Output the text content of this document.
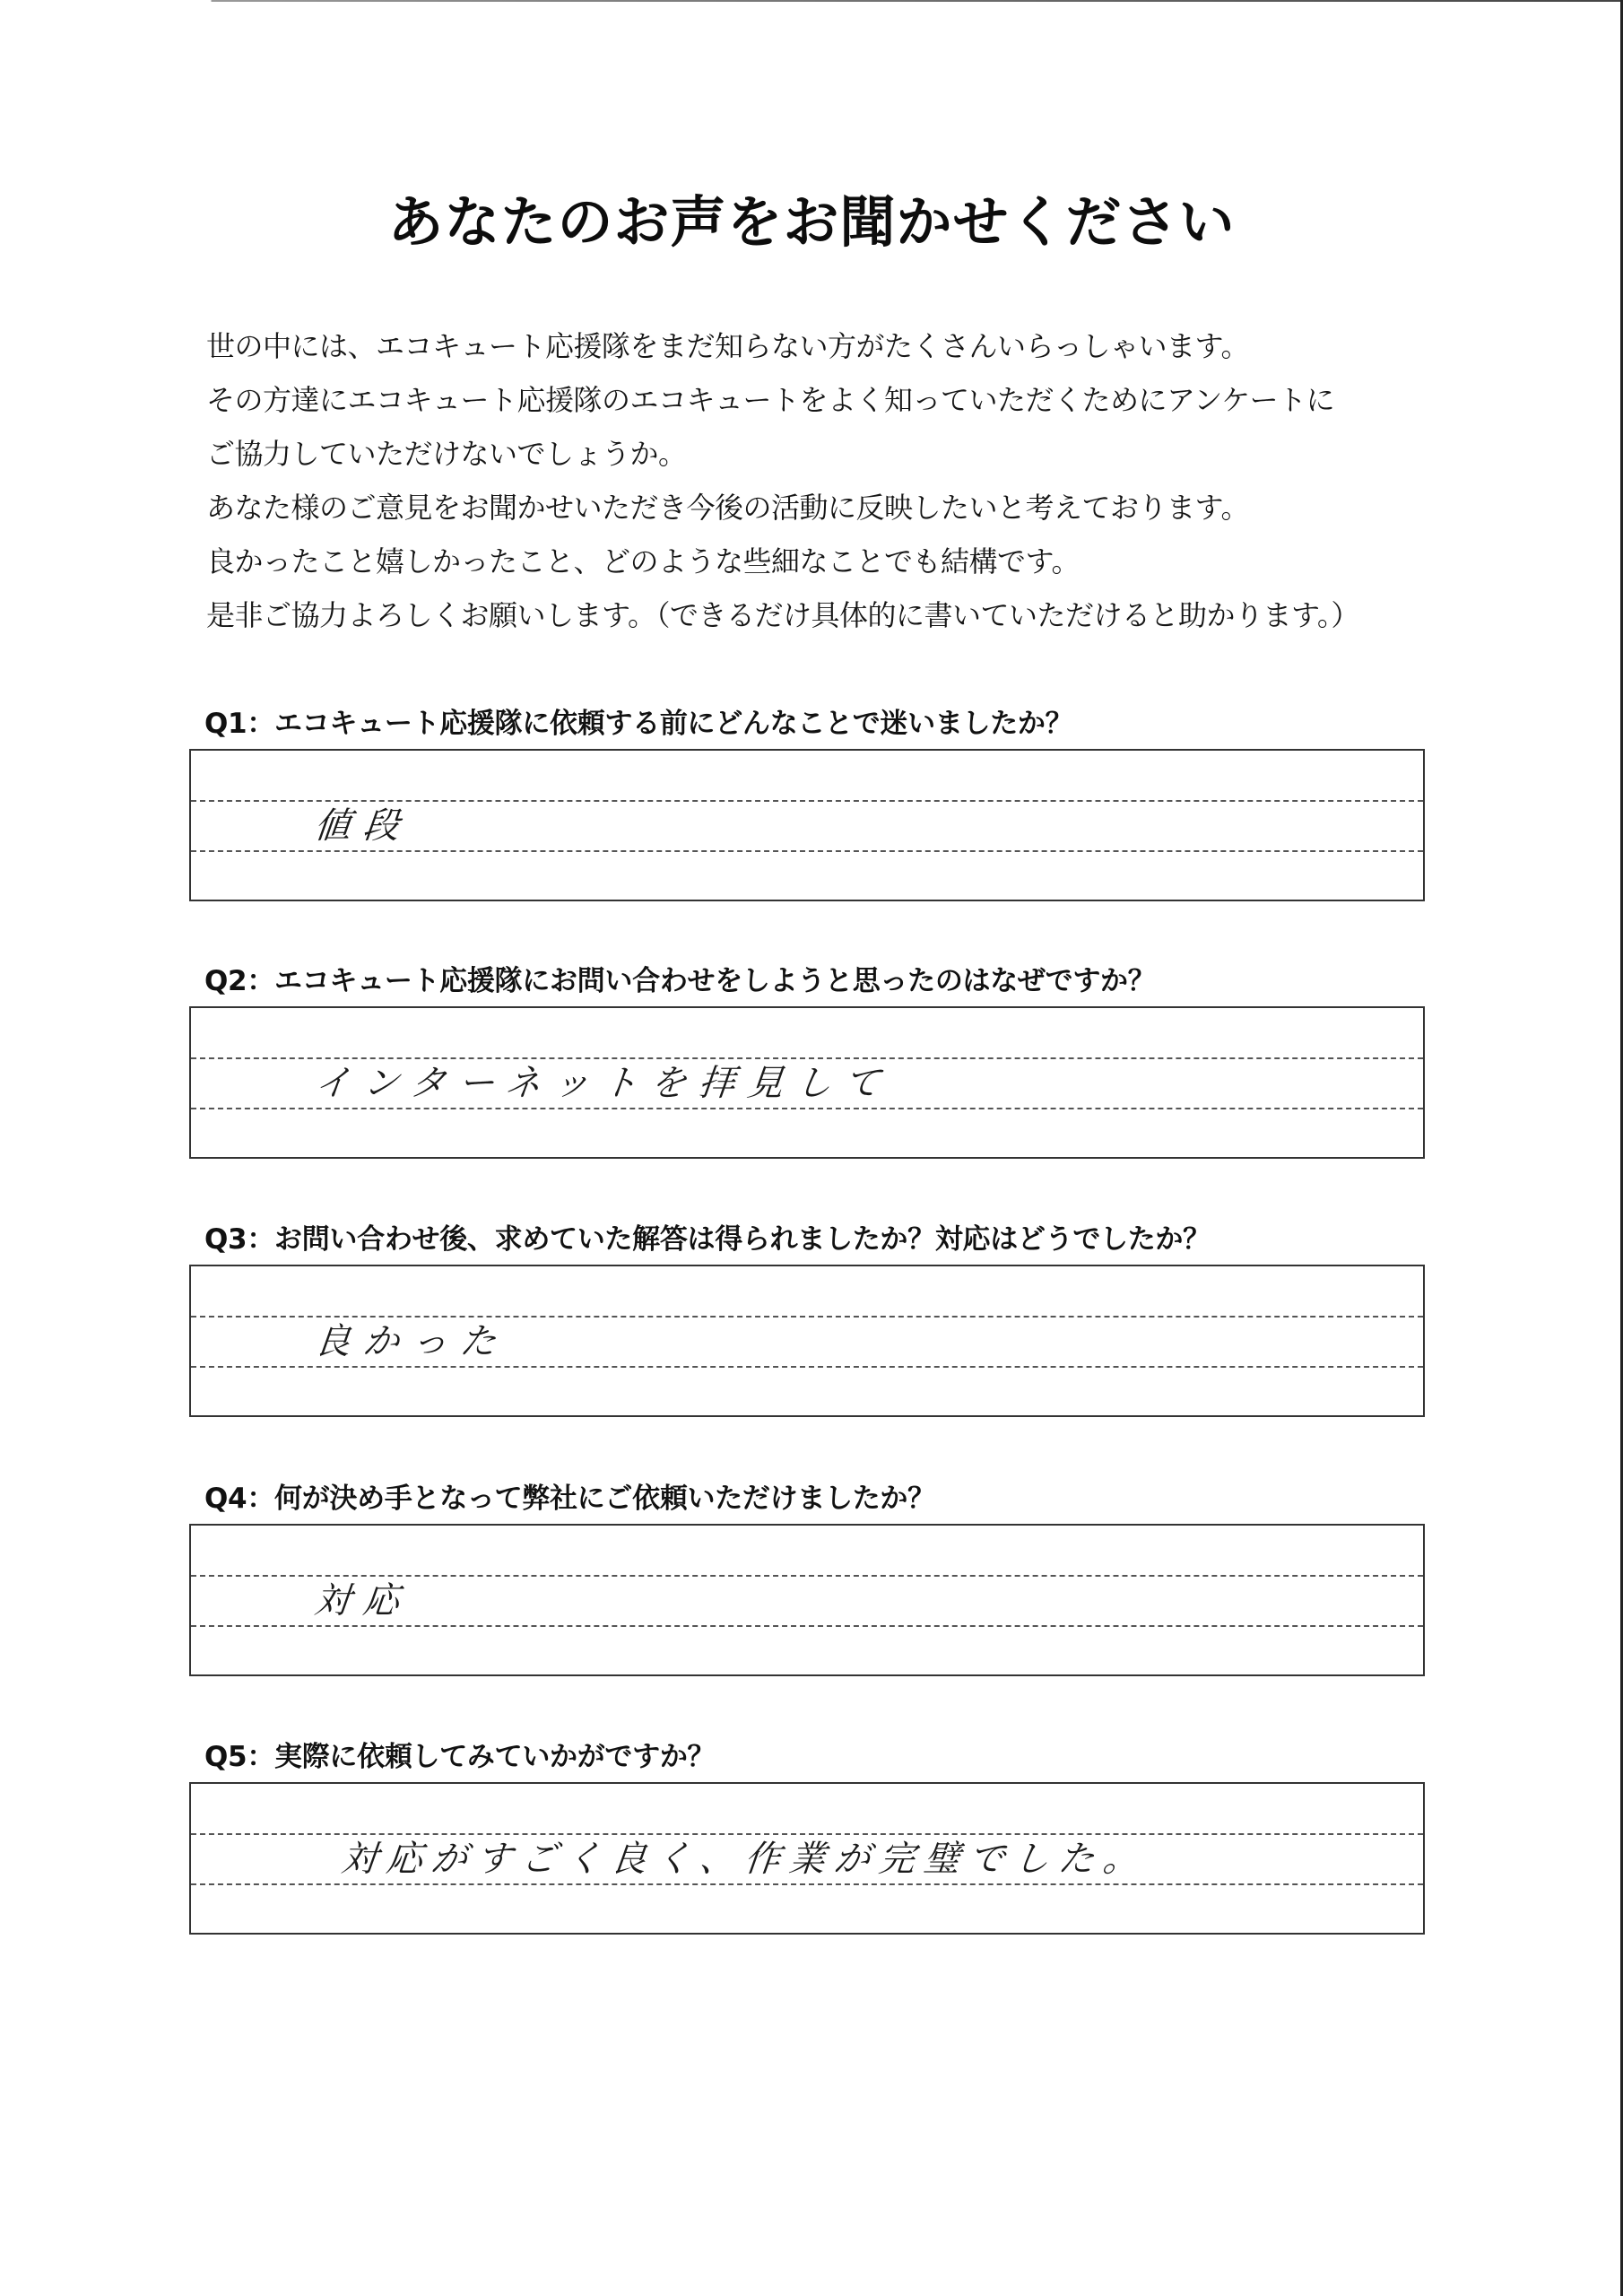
あなたのお声をお聞かせください
世の中には、エコキュート応援隊をまだ知らない方がたくさんいらっしゃいます。
その方達にエコキュート応援隊のエコキュートをよく知っていただくためにアンケートに
ご協力していただけないでしょうか。
あなた様のご意見をお聞かせいただき今後の活動に反映したいと考えております。
良かったこと嬉しかったこと、どのような些細なことでも結構です。
是非ご協力よろしくお願いします。（できるだけ具体的に書いていただけると助かります。）
Q1：エコキュート応援隊に依頼する前にどんなことで迷いましたか？
値段
Q2：エコキュート応援隊にお問い合わせをしようと思ったのはなぜですか？
インターネットを拝見して
Q3：お問い合わせ後、求めていた解答は得られましたか？対応はどうでしたか？
良かった
Q4：何が決め手となって弊社にご依頼いただけましたか？
対応
Q5：実際に依頼してみていかがですか？
対応がすごく良く、作業が完璧でした。
